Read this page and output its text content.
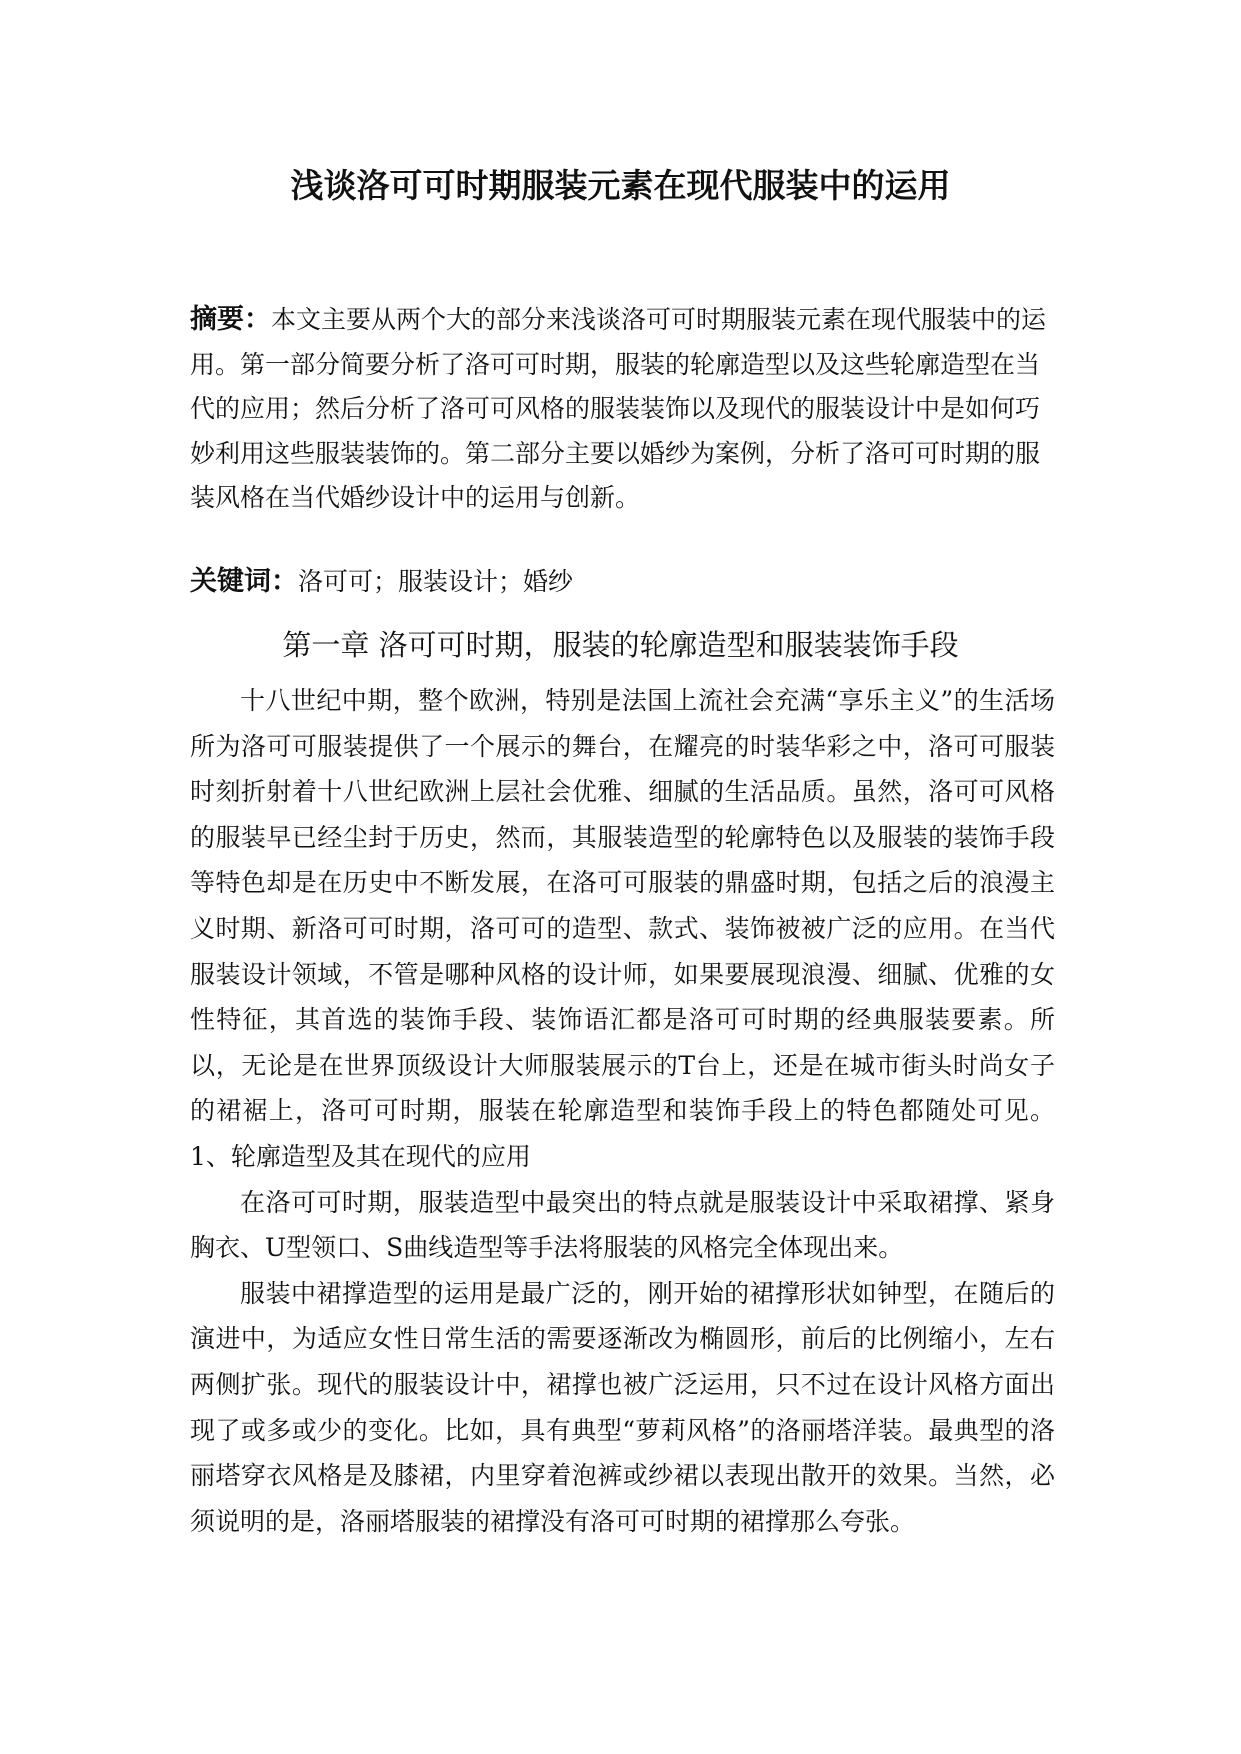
浅谈洛可可时期服装元素在现代服装中的运用
摘要：本文主要从两个大的部分来浅谈洛可可时期服装元素在现代服装中的运用。第一部分简要分析了洛可可时期，服装的轮廓造型以及这些轮廓造型在当代的应用；然后分析了洛可可风格的服装装饰以及现代的服装设计中是如何巧妙利用这些服装装饰的。第二部分主要以婚纱为案例，分析了洛可可时期的服装风格在当代婚纱设计中的运用与创新。
关键词：洛可可；服装设计；婚纱
第一章 洛可可时期，服装的轮廓造型和服装装饰手段

十八世纪中期，整个欧洲，特别是法国上流社会充满“享乐主义”的生活场所为洛可可服装提供了一个展示的舞台，在耀亮的时装华彩之中，洛可可服装时刻折射着十八世纪欧洲上层社会优雅、细腻的生活品质。虽然，洛可可风格的服装早已经尘封于历史，然而，其服装造型的轮廓特色以及服装的装饰手段等特色却是在历史中不断发展，在洛可可服装的鼎盛时期，包括之后的浪漫主义时期、新洛可可时期，洛可可的造型、款式、装饰被被广泛的应用。在当代服装设计领域，不管是哪种风格的设计师，如果要展现浪漫、细腻、优雅的女性特征，其首选的装饰手段、装饰语汇都是洛可可时期的经典服装要素。所以，无论是在世界顶级设计大师服装展示的T台上，还是在城市街头时尚女子的裙裾上，洛可可时期，服装在轮廓造型和装饰手段上的特色都随处可见。1、轮廓造型及其在现代的应用

在洛可可时期，服装造型中最突出的特点就是服装设计中采取裙撑、紧身胸衣、U型领口、S曲线造型等手法将服装的风格完全体现出来。

服装中裙撑造型的运用是最广泛的，刚开始的裙撑形状如钟型，在随后的演进中，为适应女性日常生活的需要逐渐改为椭圆形，前后的比例缩小，左右两侧扩张。现代的服装设计中，裙撑也被广泛运用，只不过在设计风格方面出现了或多或少的变化。比如，具有典型“萝莉风格”的洛丽塔洋装。最典型的洛丽塔穿衣风格是及膝裙，内里穿着泡裤或纱裙以表现出散开的效果。当然，必须说明的是，洛丽塔服装的裙撑没有洛可可时期的裙撑那么夸张。
